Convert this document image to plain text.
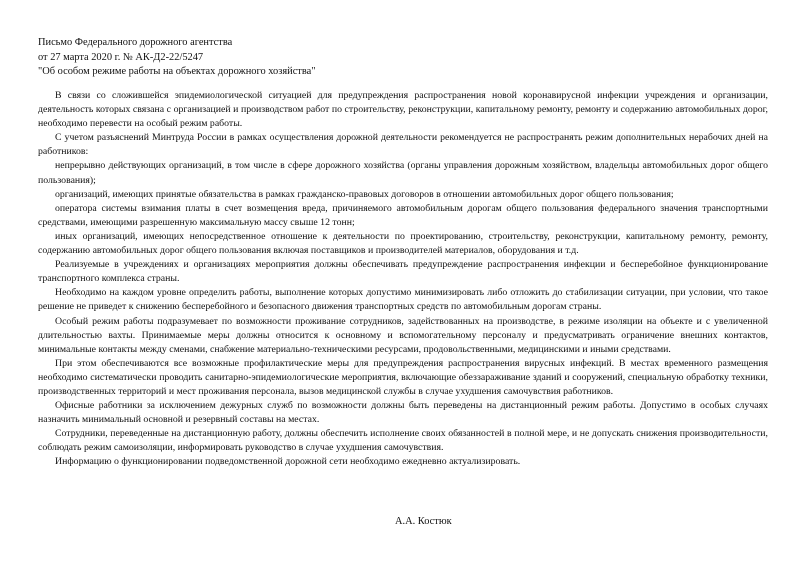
Письмо Федерального дорожного агентства
от 27 марта 2020 г. № АК-Д2-22/5247
"Об особом режиме работы на объектах дорожного хозяйства"

В связи со сложившейся эпидемиологической ситуацией для предупреждения распространения новой коронавирусной инфекции учреждения и организации, деятельность которых связана с организацией и производством работ по строительству, реконструкции, капитальному ремонту, ремонту и содержанию автомобильных дорог, необходимо перевести на особый режим работы.

С учетом разъяснений Минтруда России в рамках осуществления дорожной деятельности рекомендуется не распространять режим дополнительных нерабочих дней на работников:

непрерывно действующих организаций, в том числе в сфере дорожного хозяйства (органы управления дорожным хозяйством, владельцы автомобильных дорог общего пользования);

организаций, имеющих принятые обязательства в рамках гражданско-правовых договоров в отношении автомобильных дорог общего пользования;

оператора системы взимания платы в счет возмещения вреда, причиняемого автомобильным дорогам общего пользования федерального значения транспортными средствами, имеющими разрешенную максимальную массу свыше 12 тонн;

иных организаций, имеющих непосредственное отношение к деятельности по проектированию, строительству, реконструкции, капитальному ремонту, ремонту, содержанию автомобильных дорог общего пользования включая поставщиков и производителей материалов, оборудования и т.д.

Реализуемые в учреждениях и организациях мероприятия должны обеспечивать предупреждение распространения инфекции и бесперебойное функционирование транспортного комплекса страны.

Необходимо на каждом уровне определить работы, выполнение которых допустимо минимизировать либо отложить до стабилизации ситуации, при условии, что такое решение не приведет к снижению бесперебойного и безопасного движения транспортных средств по автомобильным дорогам страны.

Особый режим работы подразумевает по возможности проживание сотрудников, задействованных на производстве, в режиме изоляции на объекте и с увеличенной длительностью вахты. Принимаемые меры должны относится к основному и вспомогательному персоналу и предусматривать ограничение внешних контактов, минимальные контакты между сменами, снабжение материально-техническими ресурсами, продовольственными, медицинскими и иными средствами.

При этом обеспечиваются все возможные профилактические меры для предупреждения распространения вирусных инфекций. В местах временного размещения необходимо систематически проводить санитарно-эпидемиологические мероприятия, включающие обеззараживание зданий и сооружений, специальную обработку техники, производственных территорий и мест проживания персонала, вызов медицинской службы в случае ухудшения самочувствия работников.

Офисные работники за исключением дежурных служб по возможности должны быть переведены на дистанционный режим работы. Допустимо в особых случаях назначить минимальный основной и резервный составы на местах.

Сотрудники, переведенные на дистанционную работу, должны обеспечить исполнение своих обязанностей в полной мере, и не допускать снижения производительности, соблюдать режим самоизоляции, информировать руководство в случае ухудшения самочувствия.

Информацию о функционировании подведомственной дорожной сети необходимо ежедневно актуализировать.

А.А. Костюк
